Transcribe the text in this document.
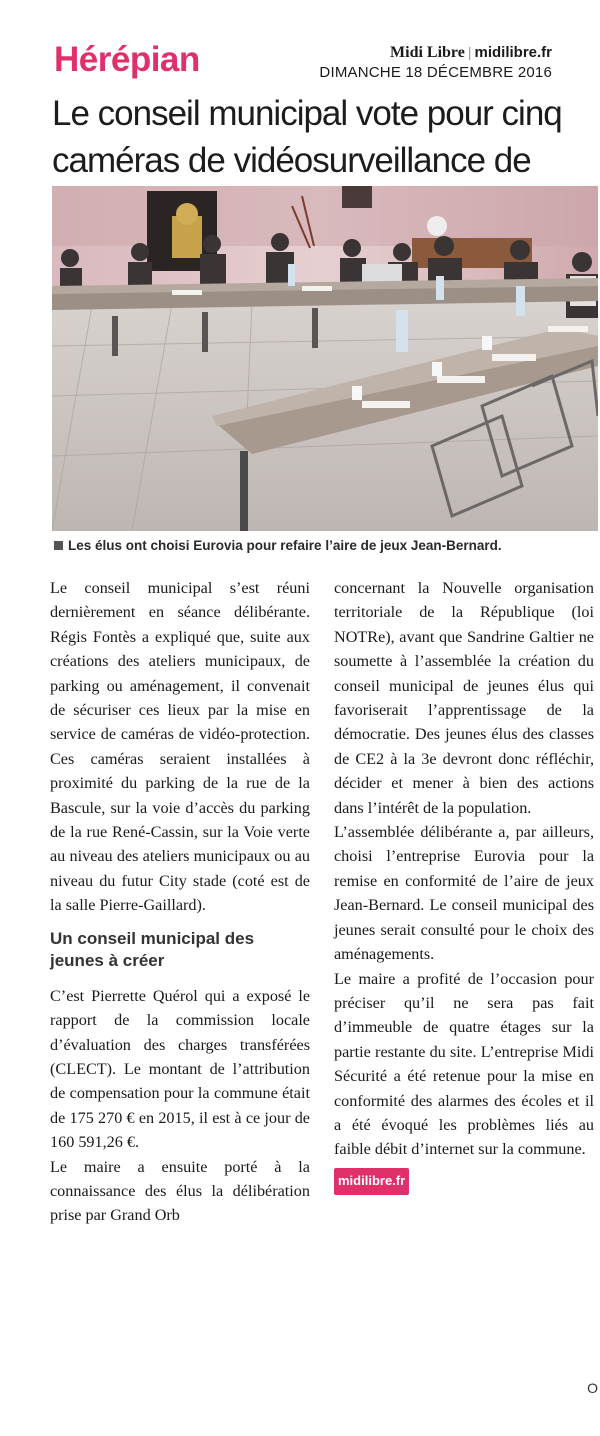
Hérépian	Midi Libre | midilibre.fr
DIMANCHE 18 DÉCEMBRE 2016
Le conseil municipal vote pour cinq caméras de vidéosurveillance de
Les élus ont choisi Eurovia pour refaire l’aire de jeux Jean-Bernard.

Le conseil municipal s’est réuni dernièrement en séance délibérante. Régis Fontès a expliqué que, suite aux créations des ateliers municipaux, de parking ou aménagement, il convenait de sécuriser ces lieux par la mise en service de caméras de vidéo-protection. Ces caméras seraient installées à proximité du parking de la rue de la Bascule, sur la voie d’accès du parking de la rue René-Cassin, sur la Voie verte au niveau des ateliers municipaux ou au niveau du futur City stade (coté est de la salle Pierre-Gaillard).

Un conseil municipal des jeunes à créer

C’est Pierrette Quérol qui a exposé le rapport de la commission locale d’évaluation des charges transférées (CLECT). Le montant de l’attribution de compensation pour la commune était de 175 270 € en 2015, il est à ce jour de 160 591,26 €.

Le maire a ensuite porté à la connaissance des élus la délibération prise par Grand Orb

concernant la Nouvelle organisation territoriale de la République (loi NOTRe), avant que Sandrine Galtier ne soumette à l’assemblée la création du conseil municipal de jeunes élus qui favoriserait l’apprentissage de la démocratie. Des jeunes élus des classes de CE2 à la 3e devront donc réfléchir, décider et mener à bien des actions dans l’intérêt de la population.

L’assemblée délibérante a, par ailleurs, choisi l’entreprise Eurovia pour la remise en conformité de l’aire de jeux Jean-Bernard. Le conseil municipal des jeunes serait consulté pour le choix des aménagements.

Le maire a profité de l’occasion pour préciser qu’il ne sera pas fait d’immeuble de quatre étages sur la partie restante du site. L’entreprise Midi Sécurité a été retenue pour la mise en conformité des alarmes des écoles et il a été évoqué les problèmes liés au faible débit d’internet sur la commune.

midilibre.fr
O
